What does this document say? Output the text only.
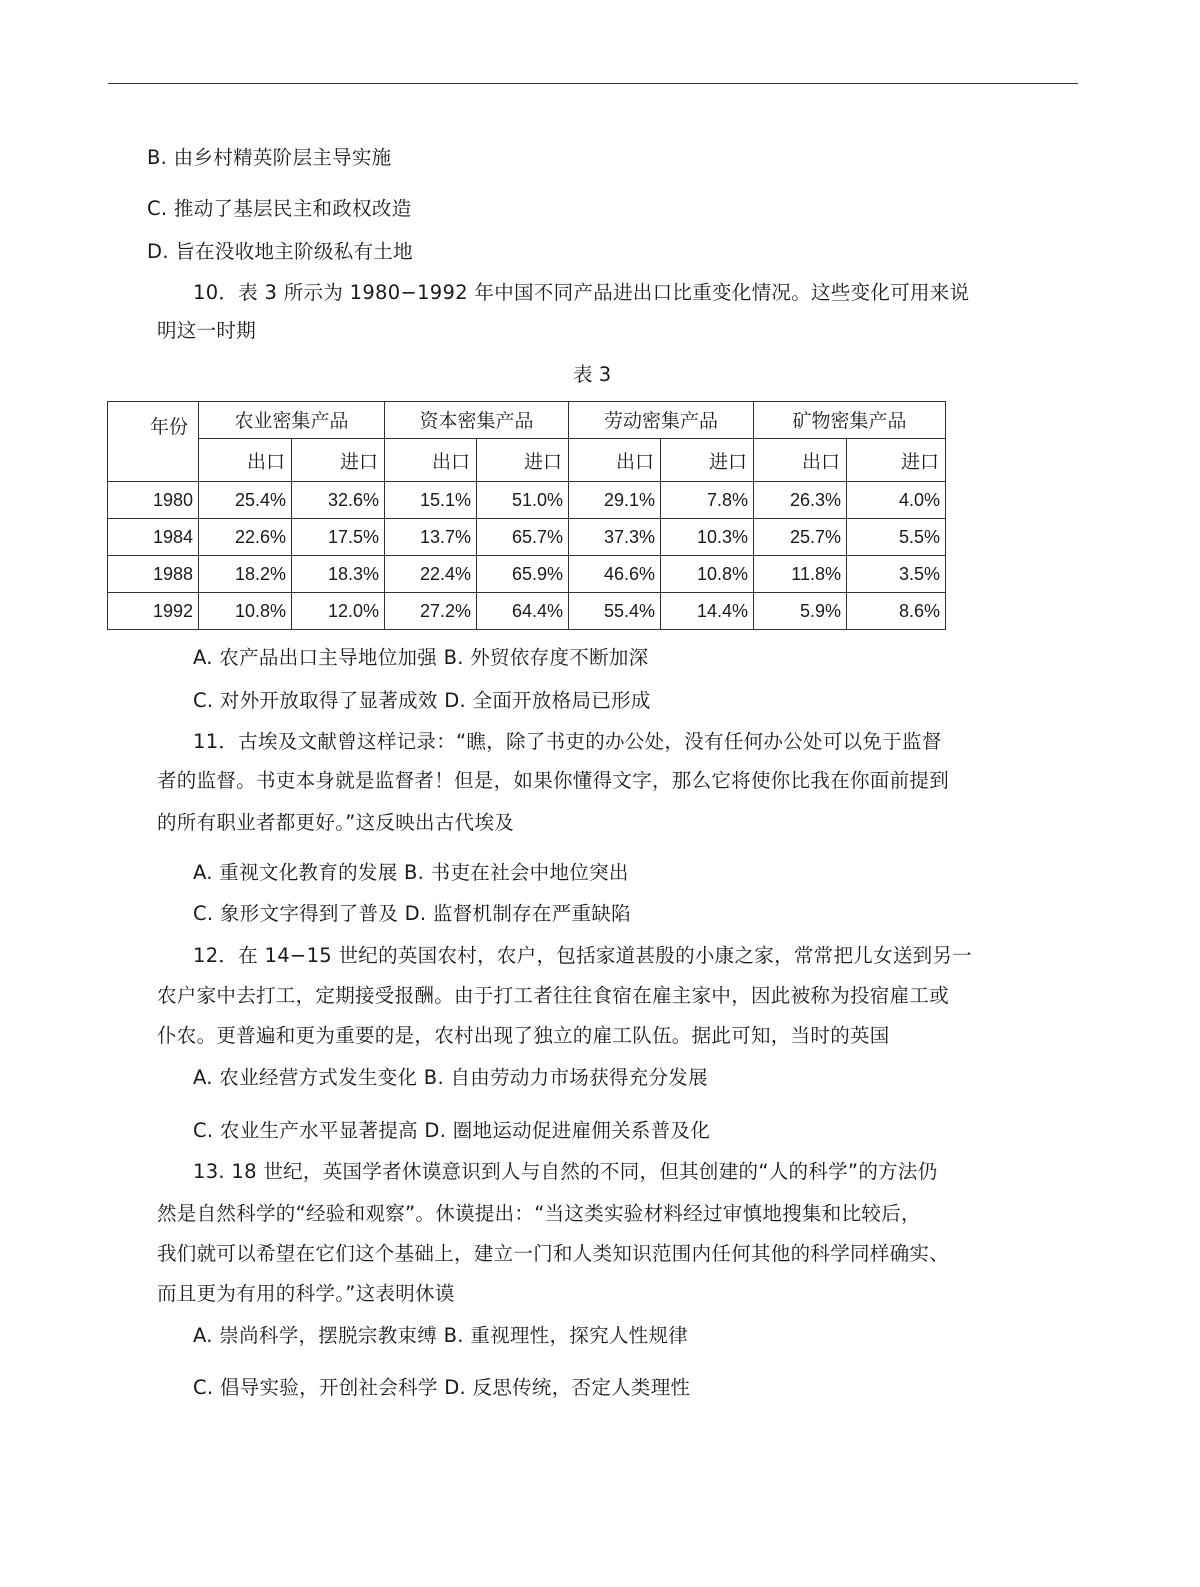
B. 由乡村精英阶层主导实施
C. 推动了基层民主和政权改造
D. 旨在没收地主阶级私有土地
10．表 3 所示为 1980−1992 年中国不同产品进出口比重变化情况。这些变化可用来说
明这一时期
表 3
年份	农业密集产品		资本密集产品		劳动密集产品		矿物密集产品	
	出口	进口	出口	进口	出口	进口	出口	进口
1980	25.4%	32.6%	15.1%	51.0%	29.1%	7.8%	26.3%	4.0%
1984	22.6%	17.5%	13.7%	65.7%	37.3%	10.3%	25.7%	5.5%
1988	18.2%	18.3%	22.4%	65.9%	46.6%	10.8%	11.8%	3.5%
1992	10.8%	12.0%	27.2%	64.4%	55.4%	14.4%	5.9%	8.6%
A. 农产品出口主导地位加强 B. 外贸依存度不断加深
C. 对外开放取得了显著成效 D. 全面开放格局已形成
11．古埃及文献曾这样记录：“瞧，除了书吏的办公处，没有任何办公处可以免于监督
者的监督。书吏本身就是监督者！但是，如果你懂得文字，那么它将使你比我在你面前提到
的所有职业者都更好。”这反映出古代埃及
A. 重视文化教育的发展 B. 书吏在社会中地位突出
C. 象形文字得到了普及 D. 监督机制存在严重缺陷
12．在 14−15 世纪的英国农村，农户，包括家道甚殷的小康之家，常常把儿女送到另一
农户家中去打工，定期接受报酬。由于打工者往往食宿在雇主家中，因此被称为投宿雇工或
仆农。更普遍和更为重要的是，农村出现了独立的雇工队伍。据此可知，当时的英国
A. 农业经营方式发生变化 B. 自由劳动力市场获得充分发展
C. 农业生产水平显著提高 D. 圈地运动促进雇佣关系普及化
13. 18 世纪，英国学者休谟意识到人与自然的不同，但其创建的“人的科学”的方法仍
然是自然科学的“经验和观察”。休谟提出：“当这类实验材料经过审慎地搜集和比较后，
我们就可以希望在它们这个基础上，建立一门和人类知识范围内任何其他的科学同样确实、
而且更为有用的科学。”这表明休谟
A. 崇尚科学，摆脱宗教束缚 B. 重视理性，探究人性规律
C. 倡导实验，开创社会科学 D. 反思传统，否定人类理性
